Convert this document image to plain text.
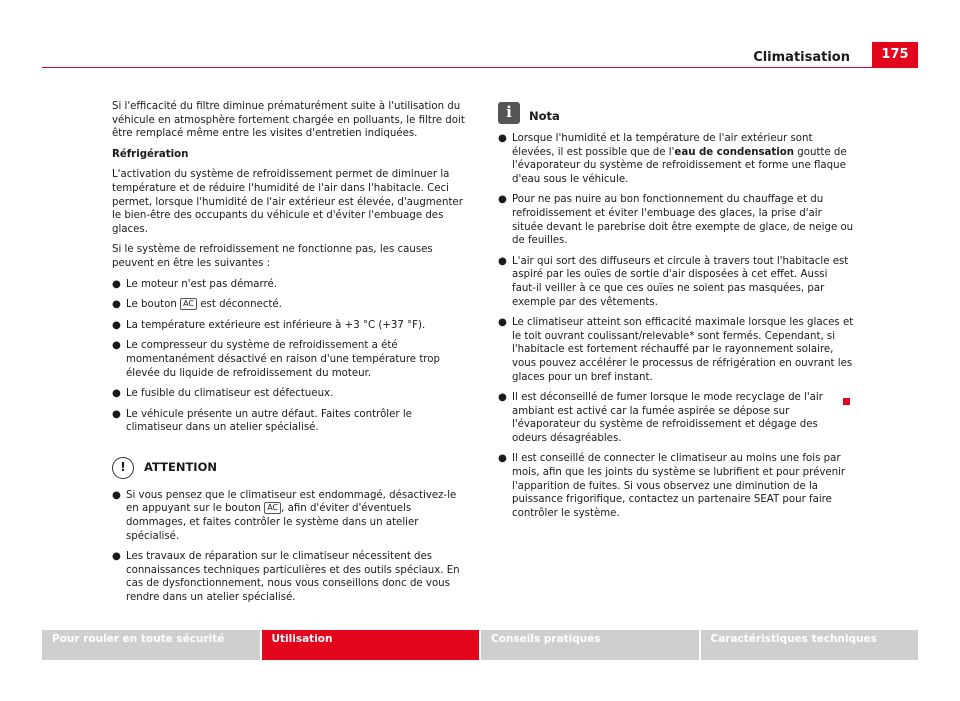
Climatisation	175

Si l'efficacité du filtre diminue prématurément suite à l'utilisation du véhicule en atmosphère fortement chargée en polluants, le filtre doit être remplacé même entre les visites d'entretien indiquées.

Réfrigération

L'activation du système de refroidissement permet de diminuer la température et de réduire l'humidité de l'air dans l'habitacle. Ceci permet, lorsque l'humidité de l'air extérieur est élevée, d'augmenter le bien-être des occupants du véhicule et d'éviter l'embuage des glaces.

Si le système de refroidissement ne fonctionne pas, les causes peuvent en être les suivantes :

● Le moteur n'est pas démarré.
● Le bouton AC est déconnecté.
● La température extérieure est inférieure à +3 °C (+37 °F).
● Le compresseur du système de refroidissement a été momentanément désactivé en raison d'une température trop élevée du liquide de refroidissement du moteur.
● Le fusible du climatiseur est défectueux.
● Le véhicule présente un autre défaut. Faites contrôler le climatiseur dans un atelier spécialisé.
!	ATTENTION
● Si vous pensez que le climatiseur est endommagé, désactivez-le en appuyant sur le bouton AC , afin d'éviter d'éventuels dommages, et faites contrôler le système dans un atelier spécialisé.
● Les travaux de réparation sur le climatiseur nécessitent des connaissances techniques particulières et des outils spéciaux. En cas de dysfonctionnement, nous vous conseillons donc de vous rendre dans un atelier spécialisé.
i	Nota
● Lorsque l'humidité et la température de l'air extérieur sont élevées, il est possible que de l'eau de condensation goutte de l'évaporateur du système de refroidissement et forme une flaque d'eau sous le véhicule.
● Pour ne pas nuire au bon fonctionnement du chauffage et du refroidissement et éviter l'embuage des glaces, la prise d'air située devant le parebrise doit être exempte de glace, de neige ou de feuilles.
● L'air qui sort des diffuseurs et circule à travers tout l'habitacle est aspiré par les ouïes de sortie d'air disposées à cet effet. Aussi faut-il veiller à ce que ces ouïes ne soient pas masquées, par exemple par des vêtements.
● Le climatiseur atteint son efficacité maximale lorsque les glaces et le toit ouvrant coulissant/relevable* sont fermés. Cependant, si l'habitacle est fortement réchauffé par le rayonnement solaire, vous pouvez accélérer le processus de réfrigération en ouvrant les glaces pour un bref instant.
● Il est déconseillé de fumer lorsque le mode recyclage de l'air ambiant est activé car la fumée aspirée se dépose sur l'évaporateur du système de refroidissement et dégage des odeurs désagréables.
● Il est conseillé de connecter le climatiseur au moins une fois par mois, afin que les joints du système se lubrifient et pour prévenir l'apparition de fuites. Si vous observez une diminution de la puissance frigorifique, contactez un partenaire SEAT pour faire contrôler le système.
Pour rouler en toute sécurité	Utilisation	Conseils pratiques	Caractéristiques techniques
